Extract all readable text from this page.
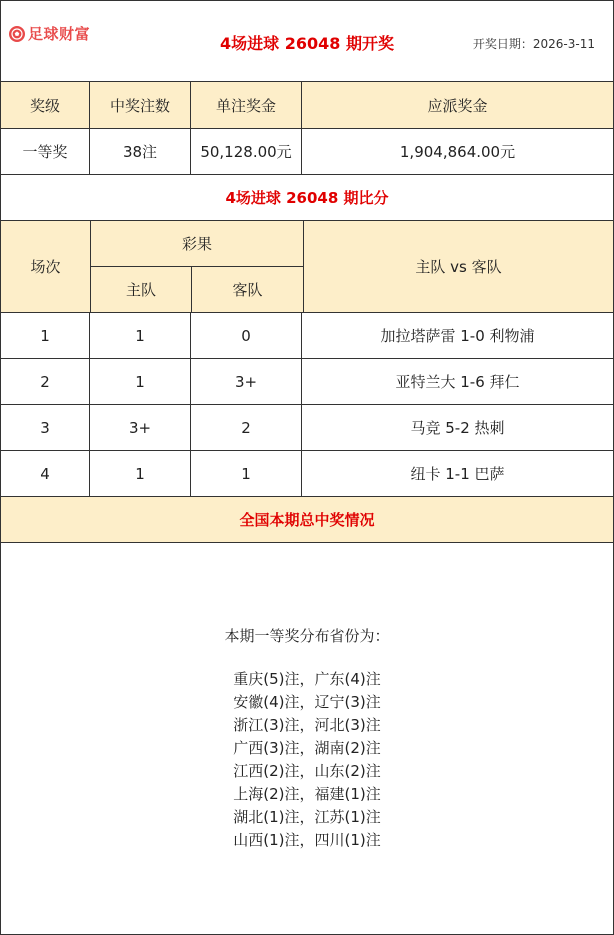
足球财富	4场进球 26048 期开奖	开奖日期：2026-3-11
奖级	中奖注数	单注奖金	应派奖金
一等奖	38注	50,128.00元	1,904,864.00元
4场进球 26048 期比分
场次
彩果
主队	客队
主队 vs 客队
1	1	0	加拉塔萨雷 1-0 利物浦
2	1	3+	亚特兰大 1-6 拜仁
3	3+	2	马竞 5-2 热刺
4	1	1	纽卡 1-1 巴萨
全国本期总中奖情况
本期一等奖分布省份为：
重庆(5)注，广东(4)注
安徽(4)注，辽宁(3)注
浙江(3)注，河北(3)注
广西(3)注，湖南(2)注
江西(2)注，山东(2)注
上海(2)注，福建(1)注
湖北(1)注，江苏(1)注
山西(1)注，四川(1)注
